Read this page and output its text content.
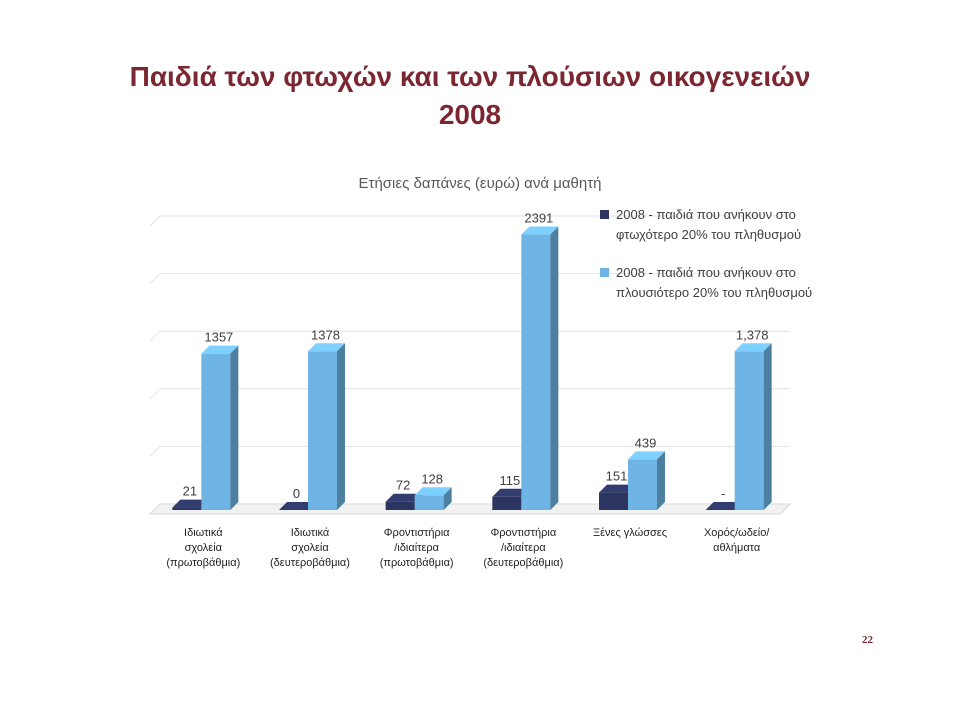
Παιδιά των φτωχών και των πλούσιων οικογενειών
2008
Ετήσιες δαπάνες (ευρώ) ανά μαθητή
21
1357
0
1378
72 128	115
2391
151
439
-
1,378
Ιδιωτικά σχολεία (πρωτοβάθμια)
Ιδιωτικά σχολεία (δευτεροβάθμια)
Φροντιστήρια /ιδιαίτερα (πρωτοβάθμια)
Φροντιστήρια /ιδιαίτερα (δευτεροβάθμια)
Ξένες γλώσσες	Χορός/ωδείο/ αθλήματα
2008 - παιδιά που ανήκουν στο φτωχότερο 20% του πληθυσμού
2008 - παιδιά που ανήκουν στο πλουσιότερο 20% του πληθυσμού
22
